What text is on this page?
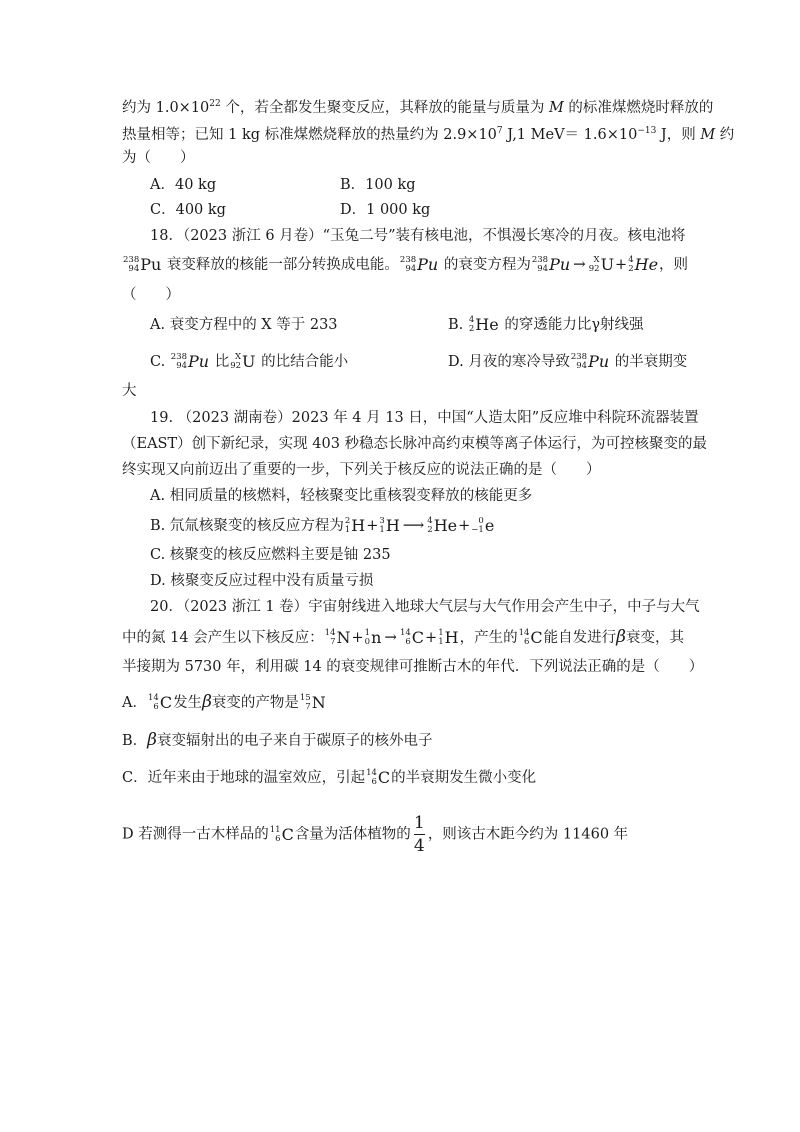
约为 $1.0\times 10^{22}$ 个，若全都发生聚变反应，其释放的能量与质量为 M 的标准煤燃烧时释放的
热量相等；已知 1 kg 标准煤燃烧释放的热量约为 $2.9\times 10^7$ J,1 $MeV= 1.6\times 10^{-13}$ J，则 M 约
为（　　）
A．40 kg	B．100 kg
C．400 kg	D．1 000 kg
18．（2023 浙江 6 月卷）“玉兔二号”装有核电池，不惧漫长寒冷的月夜。核电池将
238
94 Pu 衰变释放的核能一部分转换成电能。 238
94 Pu 的衰变方程为 238
94 Pu → X
92 U+ 4
2 He，则
（　　）
A. 衰变方程中的 X 等于 233	B. 4
2 He 的穿透能力比γ射线强
C. 238
94 Pu 比 X
92 U 的比结合能小	D. 月夜的寒冷导致 238
94 Pu 的半衰期变
大
19. （2023 湖南卷）2023 年 4 月 13 日，中国“人造太阳”反应堆中科院环流器装置
（EAST）创下新纪录，实现 403 秒稳态长脉冲高约束模等离子体运行，为可控核聚变的最
终实现又向前迈出了重要的一步，下列关于核反应的说法正确的是（　　）
A. 相同质量的核燃料，轻核聚变比重核裂变释放的核能更多
B. 氘氚核聚变的核反应方程为 2
1 H+ 3
1 H ⟶ 4
2 He+ 0
−1 e
C. 核聚变的核反应燃料主要是铀 235
D. 核聚变反应过程中没有质量亏损
20．（2023 浙江 1 卷）宇宙射线进入地球大气层与大气作用会产生中子，中子与大气
中的氮 14 会产生以下核反应： 14
7 N+ 1
0 n → 14
6 C+ 1
1 H，产生的 14
6 C能自发进行β衰变，其
半接期为 5730 年，利用碳 14 的衰变规律可推断古木的年代．下列说法正确的是（　　）
A． 14
6 C发生β衰变的产物是 15
7 N
B．β衰变辐射出的电子来自于碳原子的核外电子
C．近年来由于地球的温室效应，引起 14
6 C的半衰期发生微小变化
D 若测得一古木样品的 11
6 C含量为活体植物的 $\frac{1}{4}$ ，则该古木距今约为 11460 年
